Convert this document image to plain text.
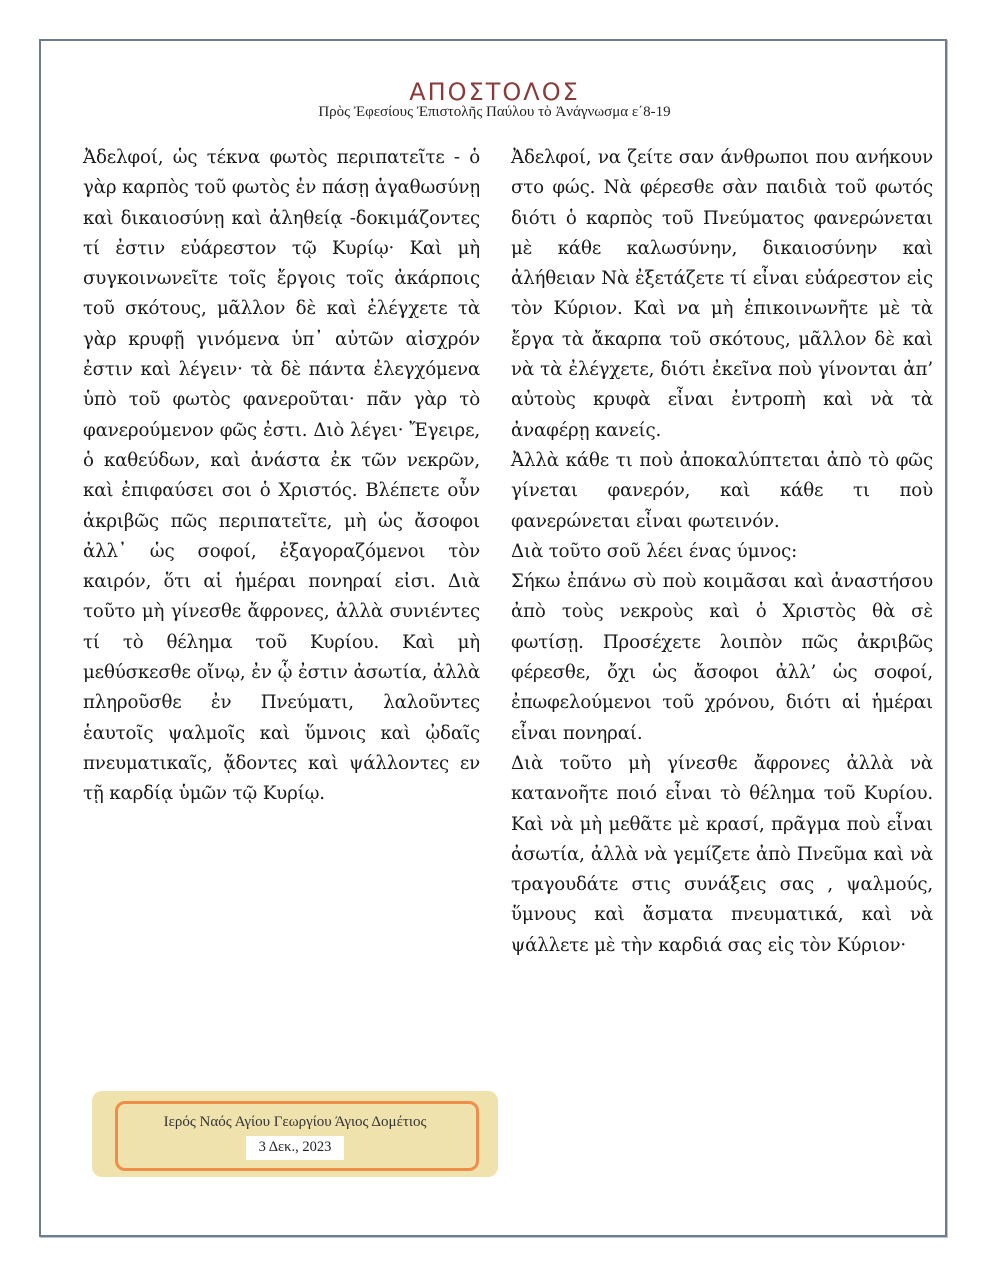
ΑΠΟΣΤΟΛΟΣ
Πρὸς Ἐφεσίους Ἐπιστολῆς Παύλου τὸ Ἀνάγνωσμα ε΄8-19

Ἀδελφοί, ὡς τέκνα φωτὸς περιπατεῖτε - ὁ γὰρ καρπὸς τοῦ φωτὸς ἐν πάσῃ ἀγαθωσύνῃ καὶ δικαιοσύνῃ καὶ ἀληθείᾳ -δοκιμάζοντες τί ἐστιν εὐάρεστον τῷ Κυρίῳ· Καὶ μὴ συγκοινωνεῖτε τοῖς ἔργοις τοῖς ἀκάρποις τοῦ σκότους, μᾶλλον δὲ καὶ ἐλέγχετε τὰ γὰρ κρυφῇ γινόμενα ὑπ᾽ αὐτῶν αἰσχρόν ἐστιν καὶ λέγειν· τὰ δὲ πάντα ἐλεγχόμενα ὑπὸ τοῦ φωτὸς φανεροῦται· πᾶν γὰρ τὸ φανερούμενον φῶς ἐστι. Διὸ λέγει· Ἔγειρε, ὁ καθεύδων, καὶ ἀνάστα ἐκ τῶν νεκρῶν, καὶ ἐπιφαύσει σοι ὁ Χριστός. Βλέπετε οὖν ἀκριβῶς πῶς περιπατεῖτε, μὴ ὡς ἄσοφοι ἀλλ᾽ ὡς σοφοί, ἐξαγοραζόμενοι τὸν καιρόν, ὅτι αἱ ἡμέραι πονηραί εἰσι. Διὰ τοῦτο μὴ γίνεσθε ἄφρονες, ἀλλὰ συνιέντες τί τὸ θέλημα τοῦ Κυρίου. Καὶ μὴ μεθύσκεσθε οἴνῳ, ἐν ᾧ ἐστιν ἀσωτία, ἀλλὰ πληροῦσθε ἐν Πνεύματι, λαλοῦντες ἑαυτοῖς ψαλμοῖς καὶ ὕμνοις καὶ ᾠδαῖς πνευματικαῖς, ᾄδοντες καὶ ψάλλοντες εν τῇ καρδίᾳ ὑμῶν τῷ Κυρίῳ.

Ἀδελφοί, να ζείτε σαν άνθρωποι που ανήκουν στο φώς. Νὰ φέρεσθε σὰν παιδιὰ τοῦ φωτός διότι ὁ καρπὸς τοῦ Πνεύματος φανερώνεται μὲ κάθε καλωσύνην, δικαιοσύνην καὶ ἀλήθειαν Νὰ ἐξετάζετε τί εἶναι εὐάρεστον εἰς τὸν Κύριον. Καὶ να μὴ ἐπικοινωνῆτε μὲ τὰ ἔργα τὰ ἄκαρπα τοῦ σκότους, μᾶλλον δὲ καὶ νὰ τὰ ἐλέγχετε, διότι ἐκεῖνα ποὺ γίνονται ἀπ’ αὐτοὺς κρυφὰ εἶναι ἐντροπὴ καὶ νὰ τὰ ἀναφέρῃ κανείς.

Ἀλλὰ κάθε τι ποὺ ἀποκαλύπτεται ἀπὸ τὸ φῶς γίνεται φανερόν, καὶ κάθε τι ποὺ φανερώνεται εἶναι φωτεινόν.

Διὰ τοῦτο σοῦ λέει ένας ύμνος:

Σήκω ἐπάνω σὺ ποὺ κοιμᾶσαι καὶ ἀναστήσου ἀπὸ τοὺς νεκροὺς καὶ ὁ Χριστὸς θὰ σὲ φωτίσῃ. Προσέχετε λοιπὸν πῶς ἀκριβῶς φέρεσθε, ὄχι ὡς ἄσοφοι ἀλλ’ ὡς σοφοί, ἐπωφελούμενοι τοῦ χρόνου, διότι αἱ ἡμέραι εἶναι πονηραί.

Διὰ τοῦτο μὴ γίνεσθε ἄφρονες ἀλλὰ νὰ κατανοῆτε ποιό εἶναι τὸ θέλημα τοῦ Κυρίου. Καὶ νὰ μὴ μεθᾶτε μὲ κρασί, πρᾶγμα ποὺ εἶναι ἀσωτία, ἀλλὰ νὰ γεμίζετε ἀπὸ Πνεῦμα καὶ νὰ τραγουδάτε στις συνάξεις σας , ψαλμούς, ὕμνους καὶ ἄσματα πνευματικά, καὶ νὰ ψάλλετε μὲ τὴν καρδιά σας εἰς τὸν Κύριον·

Ιερός Ναός Αγίου Γεωργίου Άγιος Δομέτιος
3 Δεκ., 2023
